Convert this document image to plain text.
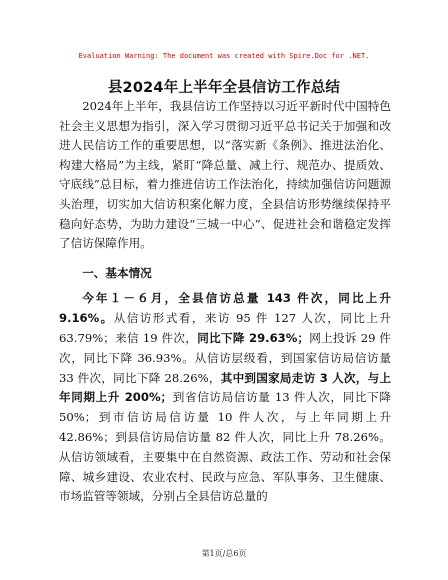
Evaluation Warning: The document was created with Spire.Doc for .NET.
县2024年上半年全县信访工作总结

2024年上半年，我县信访工作坚持以习近平新时代中国特色社会主义思想为指引，深入学习贯彻习近平总书记关于加强和改进人民信访工作的重要思想，以“落实新《条例》、推进法治化、构建大格局”为主线，紧盯“降总量、减上行、规范办、提质效、守底线”总目标，着力推进信访工作法治化，持续加强信访问题源头治理，切实加大信访积案化解力度，全县信访形势继续保持平稳向好态势，为助力建设“三城一中心”、促进社会和谐稳定发挥了信访保障作用。

一、基本情况

今年１－６月，全县信访总量 143 件次，同比上升 9.16%。从信访形式看，来访 95 件 127 人次，同比上升 63.79%；来信 19 件次，同比下降 29.63%；网上投诉 29 件次，同比下降 36.93%。从信访层级看，到国家信访局信访量 33 件次，同比下降 28.26%，其中到国家局走访 3 人次，与上年同期上升 200%；到省信访局信访量 13 件人次，同比下降 50%；到市信访局信访量 10 件人次，与上年同期上升 42.86%；到县信访局信访量 82 件人次，同比上升 78.26%。从信访领域看，主要集中在自然资源、政法工作、劳动和社会保障、城乡建设、农业农村、民政与应急、军队事务、卫生健康、市场监管等领域，分别占全县信访总量的

第1页/总6页
